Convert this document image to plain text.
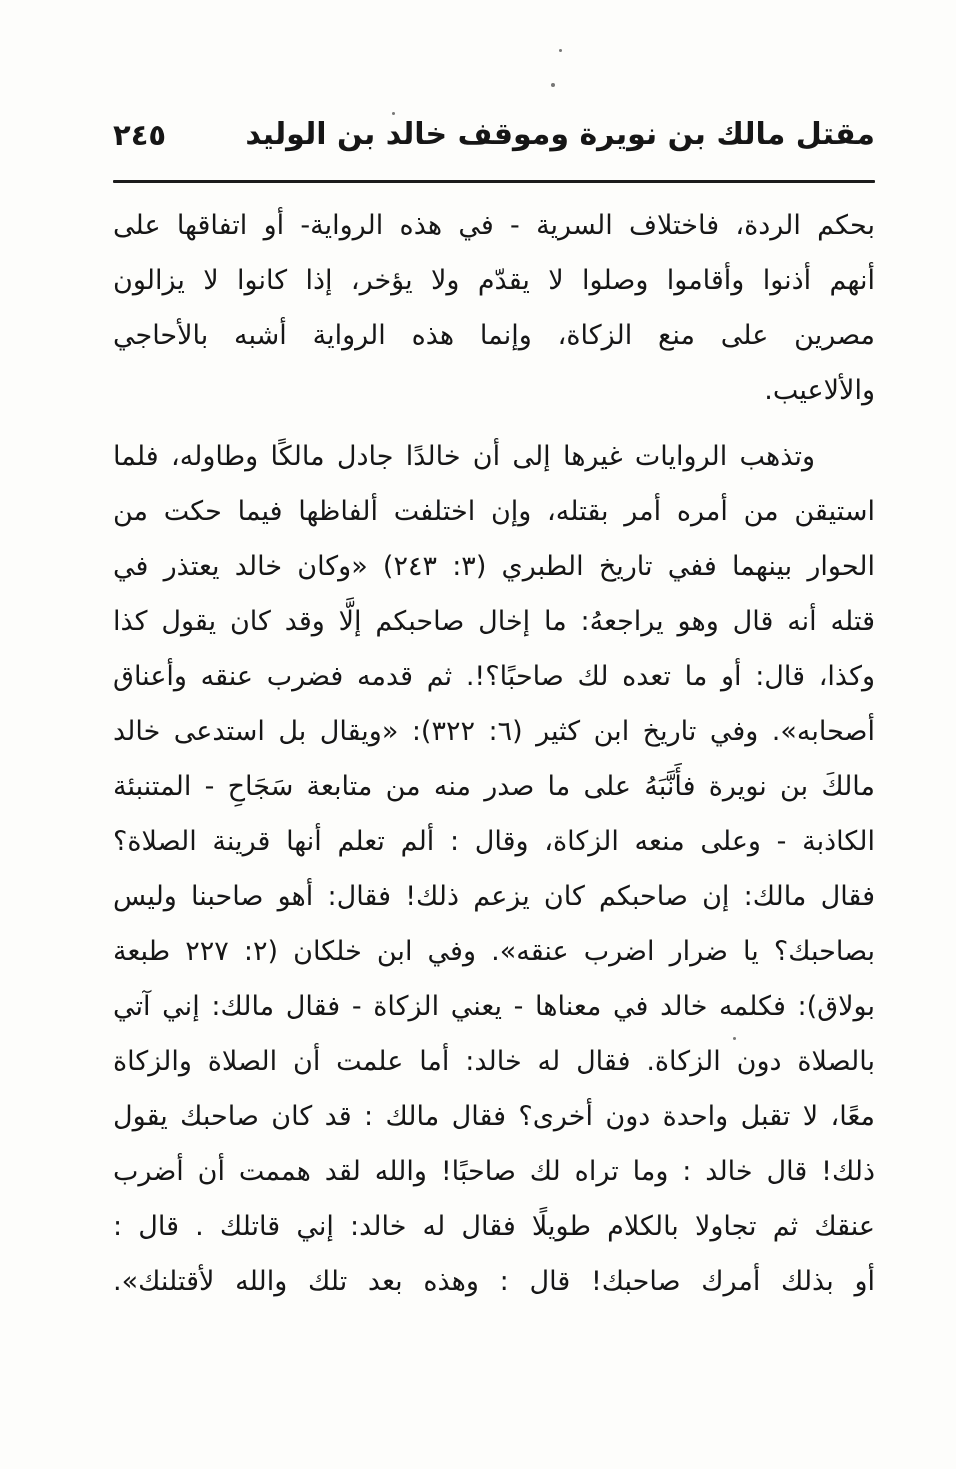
٢٤٥	مقتل مالك بن نويرة وموقف خالد بن الوليد
بحكم الردة، فاختلاف السرية - في هذه الرواية- أو اتفاقها على
أنهم أذنوا وأقاموا وصلوا لا يقدّم ولا يؤخر، إذا كانوا لا يزالون
مصرين على منع الزكاة، وإنما هذه الرواية أشبه بالأحاجي
والألاعيب.
وتذهب الروايات غيرها إلى أن خالدًا جادل مالكًا وطاوله، فلما
استيقن من أمره أمر بقتله، وإن اختلفت ألفاظها فيما حكت من
الحوار بينهما ففي تاريخ الطبري (٣: ٢٤٣) «وكان خالد يعتذر في
قتله أنه قال وهو يراجعهُ: ما إخال صاحبكم إلَّا وقد كان يقول كذا
وكذا، قال: أو ما تعده لك صاحبًا؟!. ثم قدمه فضرب عنقه وأعناق
أصحابه». وفي تاريخ ابن كثير (٦: ٣٢٢): «ويقال بل استدعى خالد
مالكَ بن نويرة فأَنَّبَهُ على ما صدر منه من متابعة سَجَاحِ - المتنبئة
الكاذبة - وعلى منعه الزكاة، وقال : ألم تعلم أنها قرينة الصلاة؟
فقال مالك: إن صاحبكم كان يزعم ذلك! فقال: أهو صاحبنا وليس
بصاحبك؟ يا ضرار اضرب عنقه». وفي ابن خلكان (٢: ٢٢٧ طبعة
بولاق): فكلمه خالد في معناها - يعني الزكاة - فقال مالك: إني آتي
بالصلاة دون الزكاة. فقال له خالد: أما علمت أن الصلاة والزكاة
معًا، لا تقبل واحدة دون أخرى؟ فقال مالك : قد كان صاحبك يقول
ذلك! قال خالد : وما تراه لك صاحبًا! والله لقد هممت أن أضرب
عنقك ثم تجاولا بالكلام طويلًا فقال له خالد: إني قاتلك . قال :
أو بذلك أمرك صاحبك! قال : وهذه بعد تلك والله لأقتلنك».
